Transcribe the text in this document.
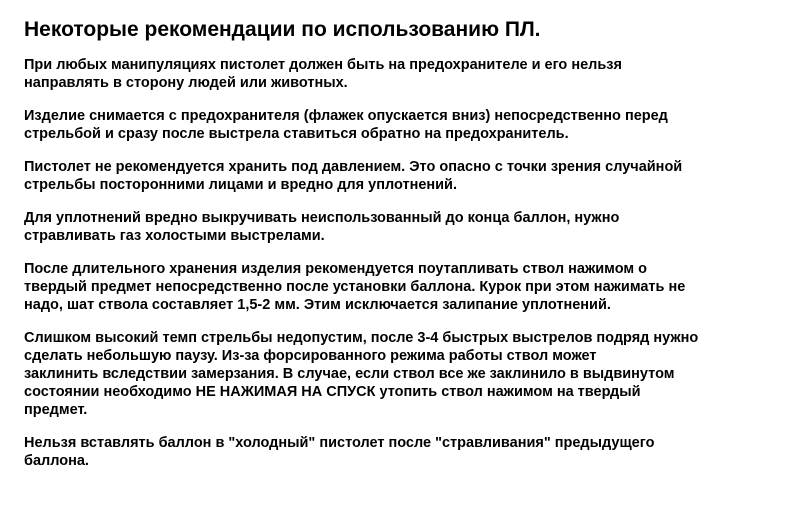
Некоторые рекомендации по использованию ПЛ.
При любых манипуляциях пистолет должен быть на предохранителе и его нельзя
направлять в сторону людей или животных.
Изделие снимается с предохранителя (флажек опускается вниз) непосредственно перед
стрельбой и сразу после выстрела ставиться обратно на предохранитель.
Пистолет не рекомендуется хранить под давлением. Это опасно с точки зрения случайной
стрельбы посторонними лицами и вредно для уплотнений.
Для уплотнений вредно выкручивать неиспользованный до конца баллон, нужно
стравливать газ холостыми выстрелами.
После длительного хранения изделия рекомендуется поутапливать ствол нажимом о
твердый предмет непосредственно после установки баллона. Курок при этом нажимать не
надо, шат ствола составляет 1,5-2 мм. Этим исключается залипание уплотнений.
Слишком высокий темп стрельбы недопустим, после 3-4 быстрых выстрелов подряд нужно
сделать небольшую паузу. Из-за форсированного режима работы ствол может
заклинить вследствии замерзания. В случае, если ствол все же заклинило в выдвинутом
состоянии необходимо НЕ НАЖИМАЯ НА СПУСК утопить ствол нажимом на твердый
предмет.
Нельзя вставлять баллон в "холодный" пистолет после "стравливания" предыдущего
баллона.
